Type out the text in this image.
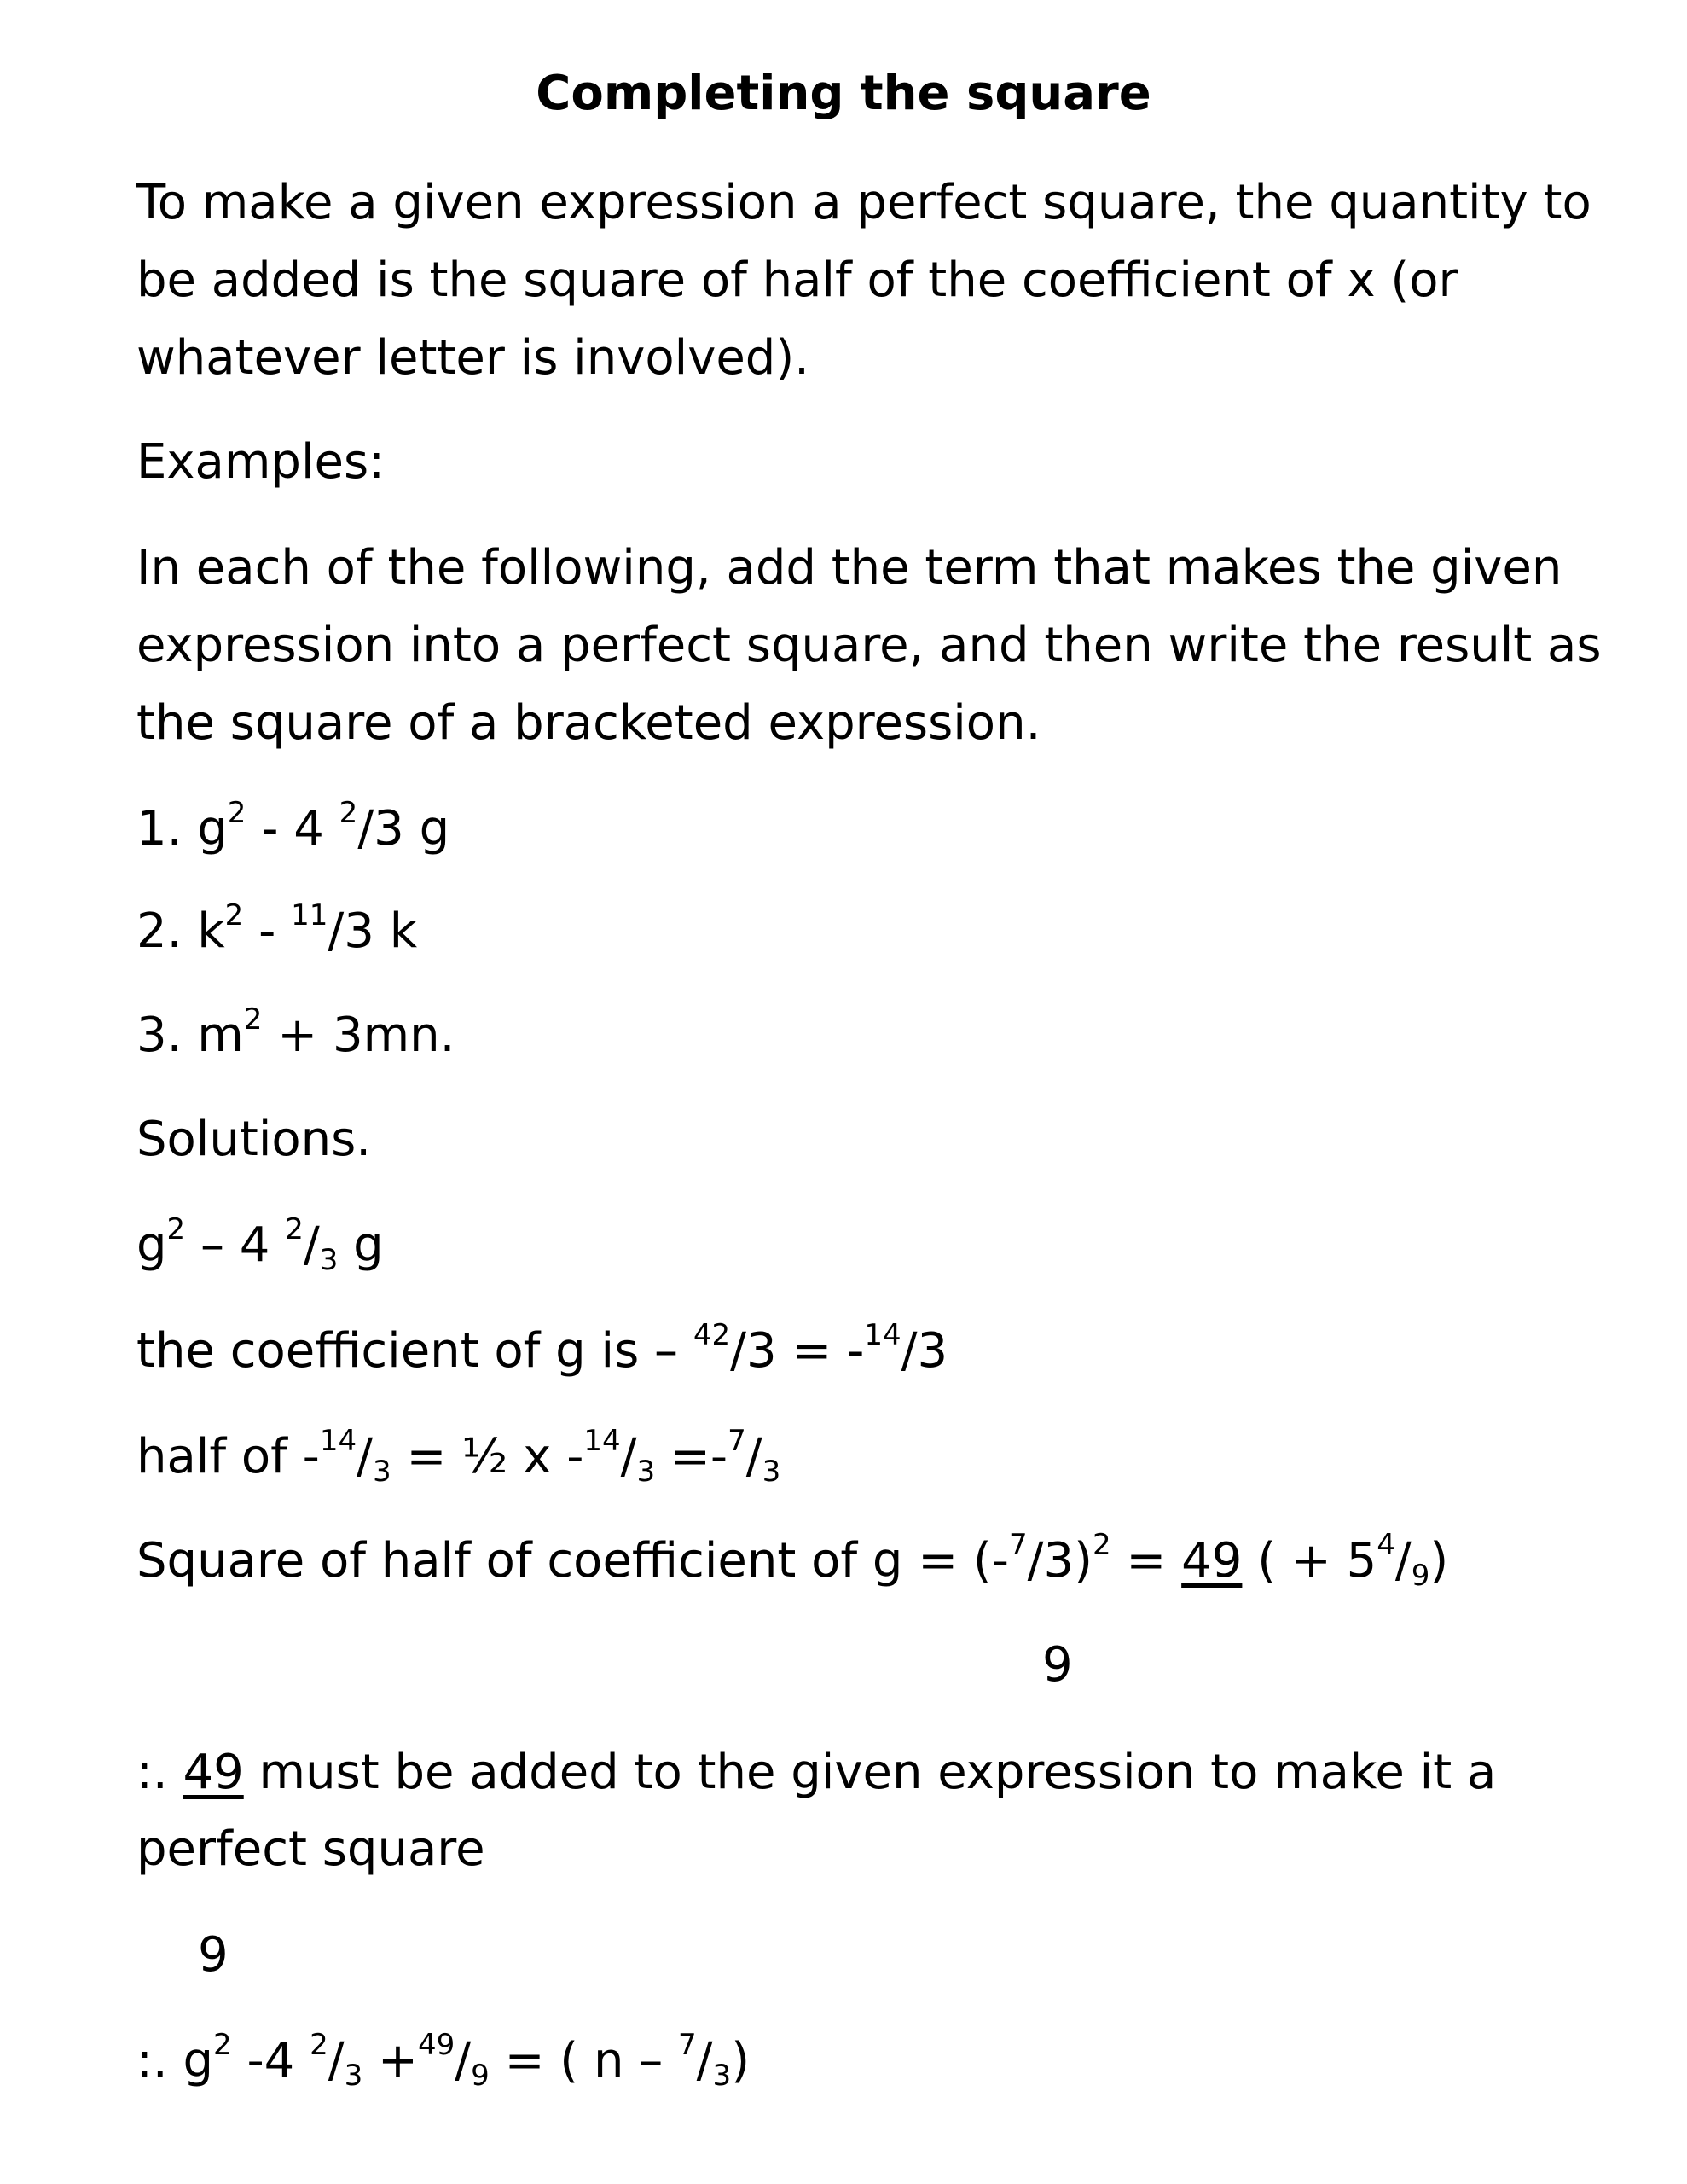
Completing the square
To make a given expression a perfect square, the quantity to
be added is the square of half of the coefficient of x (or
whatever letter is involved).
Examples:
In each of the following, add the term that makes the given
expression into a perfect square, and then write the result as
the square of a bracketed expression.
1. $g^2 - 4$ $^2$/3 g
2. $k^2 - ^{11}/3$ k
3. $m^2 + 3mn$.
Solutions.
$g^2 - 4$ $^2$/3 g
the coefficient of g is – $^{42}$/3 = -$^{14}$/3
half of -$^{14}$/3 = ½ x -$^{14}$/3 =-$^7$/3
Square of half of coefficient of $g = (-^7/3)^2 = 49$ ( + $5^4/9$)
9
:. 49 must be added to the given expression to make it a
perfect square
9
:. $g^2$ -4 $^2$/3 +$^{49}$/9 = ( n – $^7$/3)
